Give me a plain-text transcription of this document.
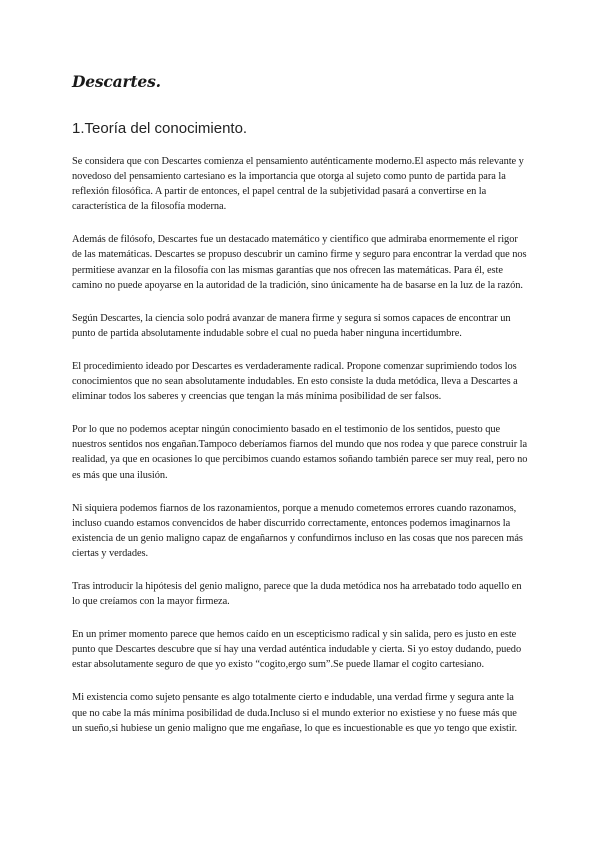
Descartes.
1.Teoría del conocimiento.

Se considera que con Descartes comienza el pensamiento auténticamente moderno.El aspecto más relevante y novedoso del pensamiento cartesiano es la importancia que otorga al sujeto como punto de partida para la reflexión filosófica. A partir de entonces, el papel central de la subjetividad pasará a convertirse en la característica de la filosofía moderna.

Además de filósofo, Descartes fue un destacado matemático y científico que admiraba enormemente el rigor de las matemáticas. Descartes se propuso descubrir un camino firme y seguro para encontrar la verdad que nos permitiese avanzar en la filosofía con las mismas garantías que nos ofrecen las matemáticas. Para él, este camino no puede apoyarse en la autoridad de la tradición, sino únicamente ha de basarse en la luz de la razón.

Según Descartes, la ciencia solo podrá avanzar de manera firme y segura si somos capaces de encontrar un punto de partida absolutamente indudable sobre el cual no pueda haber ninguna incertidumbre.

El procedimiento ideado por Descartes es verdaderamente radical. Propone comenzar suprimiendo todos los conocimientos que no sean absolutamente indudables. En esto consiste la duda metódica, lleva a Descartes a eliminar todos los saberes y creencias que tengan la más mínima posibilidad de ser falsos.

Por lo que no podemos aceptar ningún conocimiento basado en el testimonio de los sentidos, puesto que nuestros sentidos nos engañan.Tampoco deberíamos fiarnos del mundo que nos rodea y que parece construir la realidad, ya que en ocasiones lo que percibimos cuando estamos soñando también parece ser muy real, pero no es más que una ilusión.

Ni siquiera podemos fiarnos de los razonamientos, porque a menudo cometemos errores cuando razonamos, incluso cuando estamos convencidos de haber discurrido correctamente, entonces podemos imaginarnos la existencia de un genio maligno capaz de engañarnos y confundirnos incluso en las cosas que nos parecen más ciertas y verdades.

Tras introducir la hipótesis del genio maligno, parece que la duda metódica nos ha arrebatado todo aquello en lo que creíamos con la mayor firmeza.

En un primer momento parece que hemos caído en un escepticismo radical y sin salida, pero es justo en este punto que Descartes descubre que sí hay una verdad auténtica indudable y cierta. Si yo estoy dudando, puedo estar absolutamente seguro de que yo existo “cogito,ergo sum”.Se puede llamar el cogito cartesiano.

Mi existencia como sujeto pensante es algo totalmente cierto e indudable, una verdad firme y segura ante la que no cabe la más mínima posibilidad de duda.Incluso si el mundo exterior no existiese y no fuese más que un sueño,si hubiese un genio maligno que me engañase, lo que es incuestionable es que yo tengo que existir.
